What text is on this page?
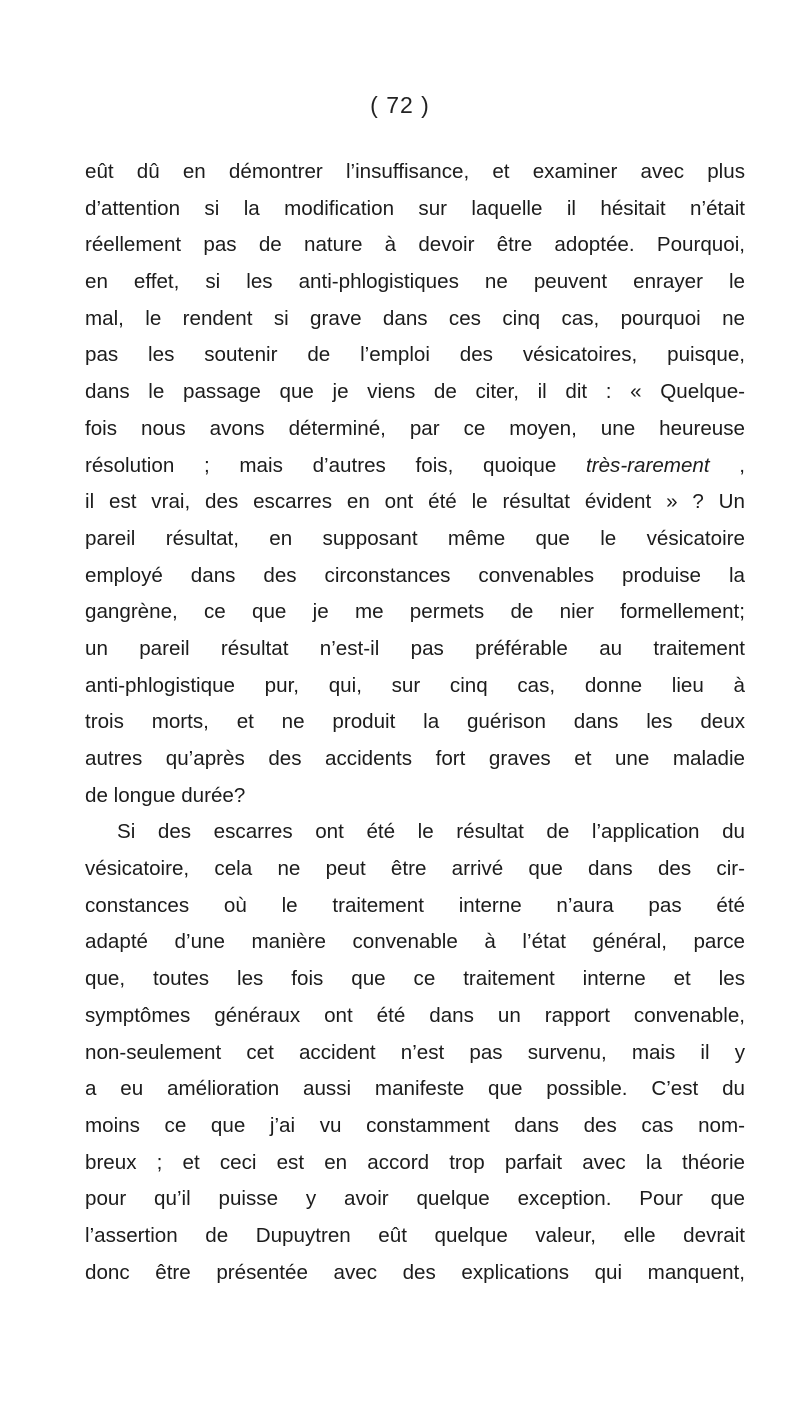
( 72 )
eût dû en démontrer l’insuffisance, et examiner avec plus
d’attention si la modification sur laquelle il hésitait n’était
réellement pas de nature à devoir être adoptée. Pourquoi,
en effet, si les anti-phlogistiques ne peuvent enrayer le
mal, le rendent si grave dans ces cinq cas, pourquoi ne
pas les soutenir de l’emploi des vésicatoires, puisque,
dans le passage que je viens de citer, il dit : « Quelque-
fois nous avons déterminé, par ce moyen, une heureuse
résolution ; mais d’autres fois, quoique très-rarement ,
il est vrai, des escarres en ont été le résultat évident » ? Un
pareil résultat, en supposant même que le vésicatoire
employé dans des circonstances convenables produise la
gangrène, ce que je me permets de nier formellement;
un pareil résultat n’est-il pas préférable au traitement
anti-phlogistique pur, qui, sur cinq cas, donne lieu à
trois morts, et ne produit la guérison dans les deux
autres qu’après des accidents fort graves et une maladie
de longue durée?
Si des escarres ont été le résultat de l’application du
vésicatoire, cela ne peut être arrivé que dans des cir-
constances où le traitement interne n’aura pas été
adapté d’une manière convenable à l’état général, parce
que, toutes les fois que ce traitement interne et les
symptômes généraux ont été dans un rapport convenable,
non-seulement cet accident n’est pas survenu, mais il y
a eu amélioration aussi manifeste que possible. C’est du
moins ce que j’ai vu constamment dans des cas nom-
breux ; et ceci est en accord trop parfait avec la théorie
pour qu’il puisse y avoir quelque exception. Pour que
l’assertion de Dupuytren eût quelque valeur, elle devrait
donc être présentée avec des explications qui manquent,
